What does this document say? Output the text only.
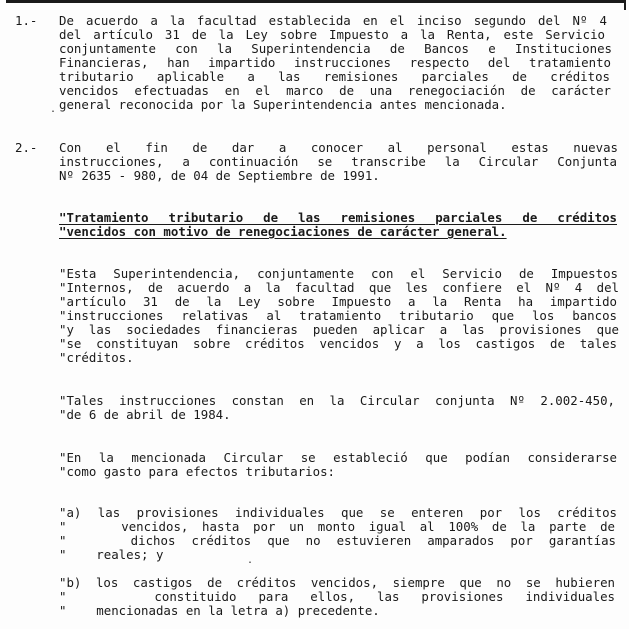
1.- De acuerdo a la facultad establecida en el inciso segundo del Nº 4
del artículo 31 de la Ley sobre Impuesto a la Renta, este Servicio
conjuntamente con la Superintendencia de Bancos e Instituciones
Financieras, han impartido instrucciones respecto del tratamiento
tributario aplicable a las remisiones parciales de créditos
vencidos efectuadas en el marco de una renegociación de carácter
general reconocida por la Superintendencia antes mencionada.
2.- Con el fin de dar a conocer al personal estas nuevas
instrucciones, a continuación se transcribe la Circular Conjunta
Nº 2635 - 980, de 04 de Septiembre de 1991.
"Tratamiento tributario de las remisiones parciales de créditos
"vencidos con motivo de renegociaciones de carácter general.
"Esta Superintendencia, conjuntamente con el Servicio de Impuestos
"Internos, de acuerdo a la facultad que les confiere el Nº 4 del
"artículo 31 de la Ley sobre Impuesto a la Renta ha impartido
"instrucciones relativas al tratamiento tributario que los bancos
"y las sociedades financieras pueden aplicar a las provisiones que
"se constituyan sobre créditos vencidos y a los castigos de tales
"créditos.
"Tales instrucciones constan en la Circular conjunta Nº 2.002-450,
"de 6 de abril de 1984.
"En la mencionada Circular se estableció que podían considerarse
"como gasto para efectos tributarios:
"a) las provisiones individuales que se enteren por los créditos
"    vencidos, hasta por un monto igual al 100% de la parte de
"    dichos créditos que no estuvieren amparados por garantías
"    reales; y
"b) los castigos de créditos vencidos, siempre que no se hubieren
"    constituido para ellos, las provisiones individuales
"    mencionadas en la letra a) precedente.
.
.
